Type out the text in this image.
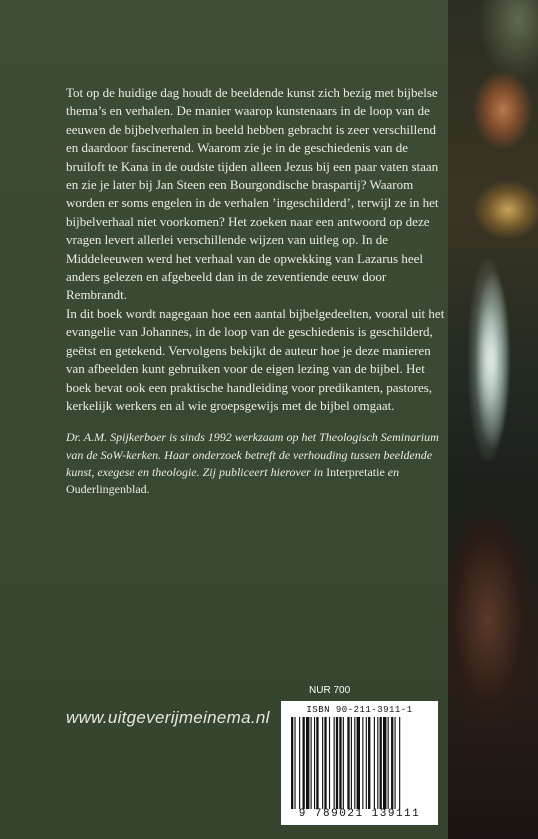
Tot op de huidige dag houdt de beeldende kunst zich bezig met bijbelse thema’s en verhalen. De manier waarop kunstenaars in de loop van de eeuwen de bijbelverhalen in beeld hebben gebracht is zeer verschillend en daardoor fascinerend. Waarom zie je in de geschiedenis van de bruiloft te Kana in de oudste tijden alleen Jezus bij een paar vaten staan en zie je later bij Jan Steen een Bourgondische braspartij? Waarom worden er soms engelen in de verhalen ’ingeschilderd’, terwijl ze in het bijbelverhaal niet voorkomen? Het zoeken naar een antwoord op deze vragen levert allerlei verschillende wijzen van uitleg op. In de Middeleeuwen werd het verhaal van de opwekking van Lazarus heel anders gelezen en afgebeeld dan in de zeventiende eeuw door Rembrandt.

In dit boek wordt nagegaan hoe een aantal bijbelgedeelten, vooral uit het evangelie van Johannes, in de loop van de geschiedenis is geschilderd, geëtst en getekend. Vervolgens bekijkt de auteur hoe je deze manieren van afbeelden kunt gebruiken voor de eigen lezing van de bijbel. Het boek bevat ook een praktische handleiding voor predikanten, pastores, kerkelijk werkers en al wie groepsgewijs met de bijbel omgaat.

Dr. A.M. Spijkerboer is sinds 1992 werkzaam op het Theologisch Seminarium van de SoW-kerken. Haar onderzoek betreft de verhouding tussen beeldende kunst, exegese en theologie. Zij publiceert hierover in Interpretatie en Ouderlingenblad.

www.uitgeverijmeinema.nl
NUR 700
ISBN 90-211-3911-1
9 789021 139111
